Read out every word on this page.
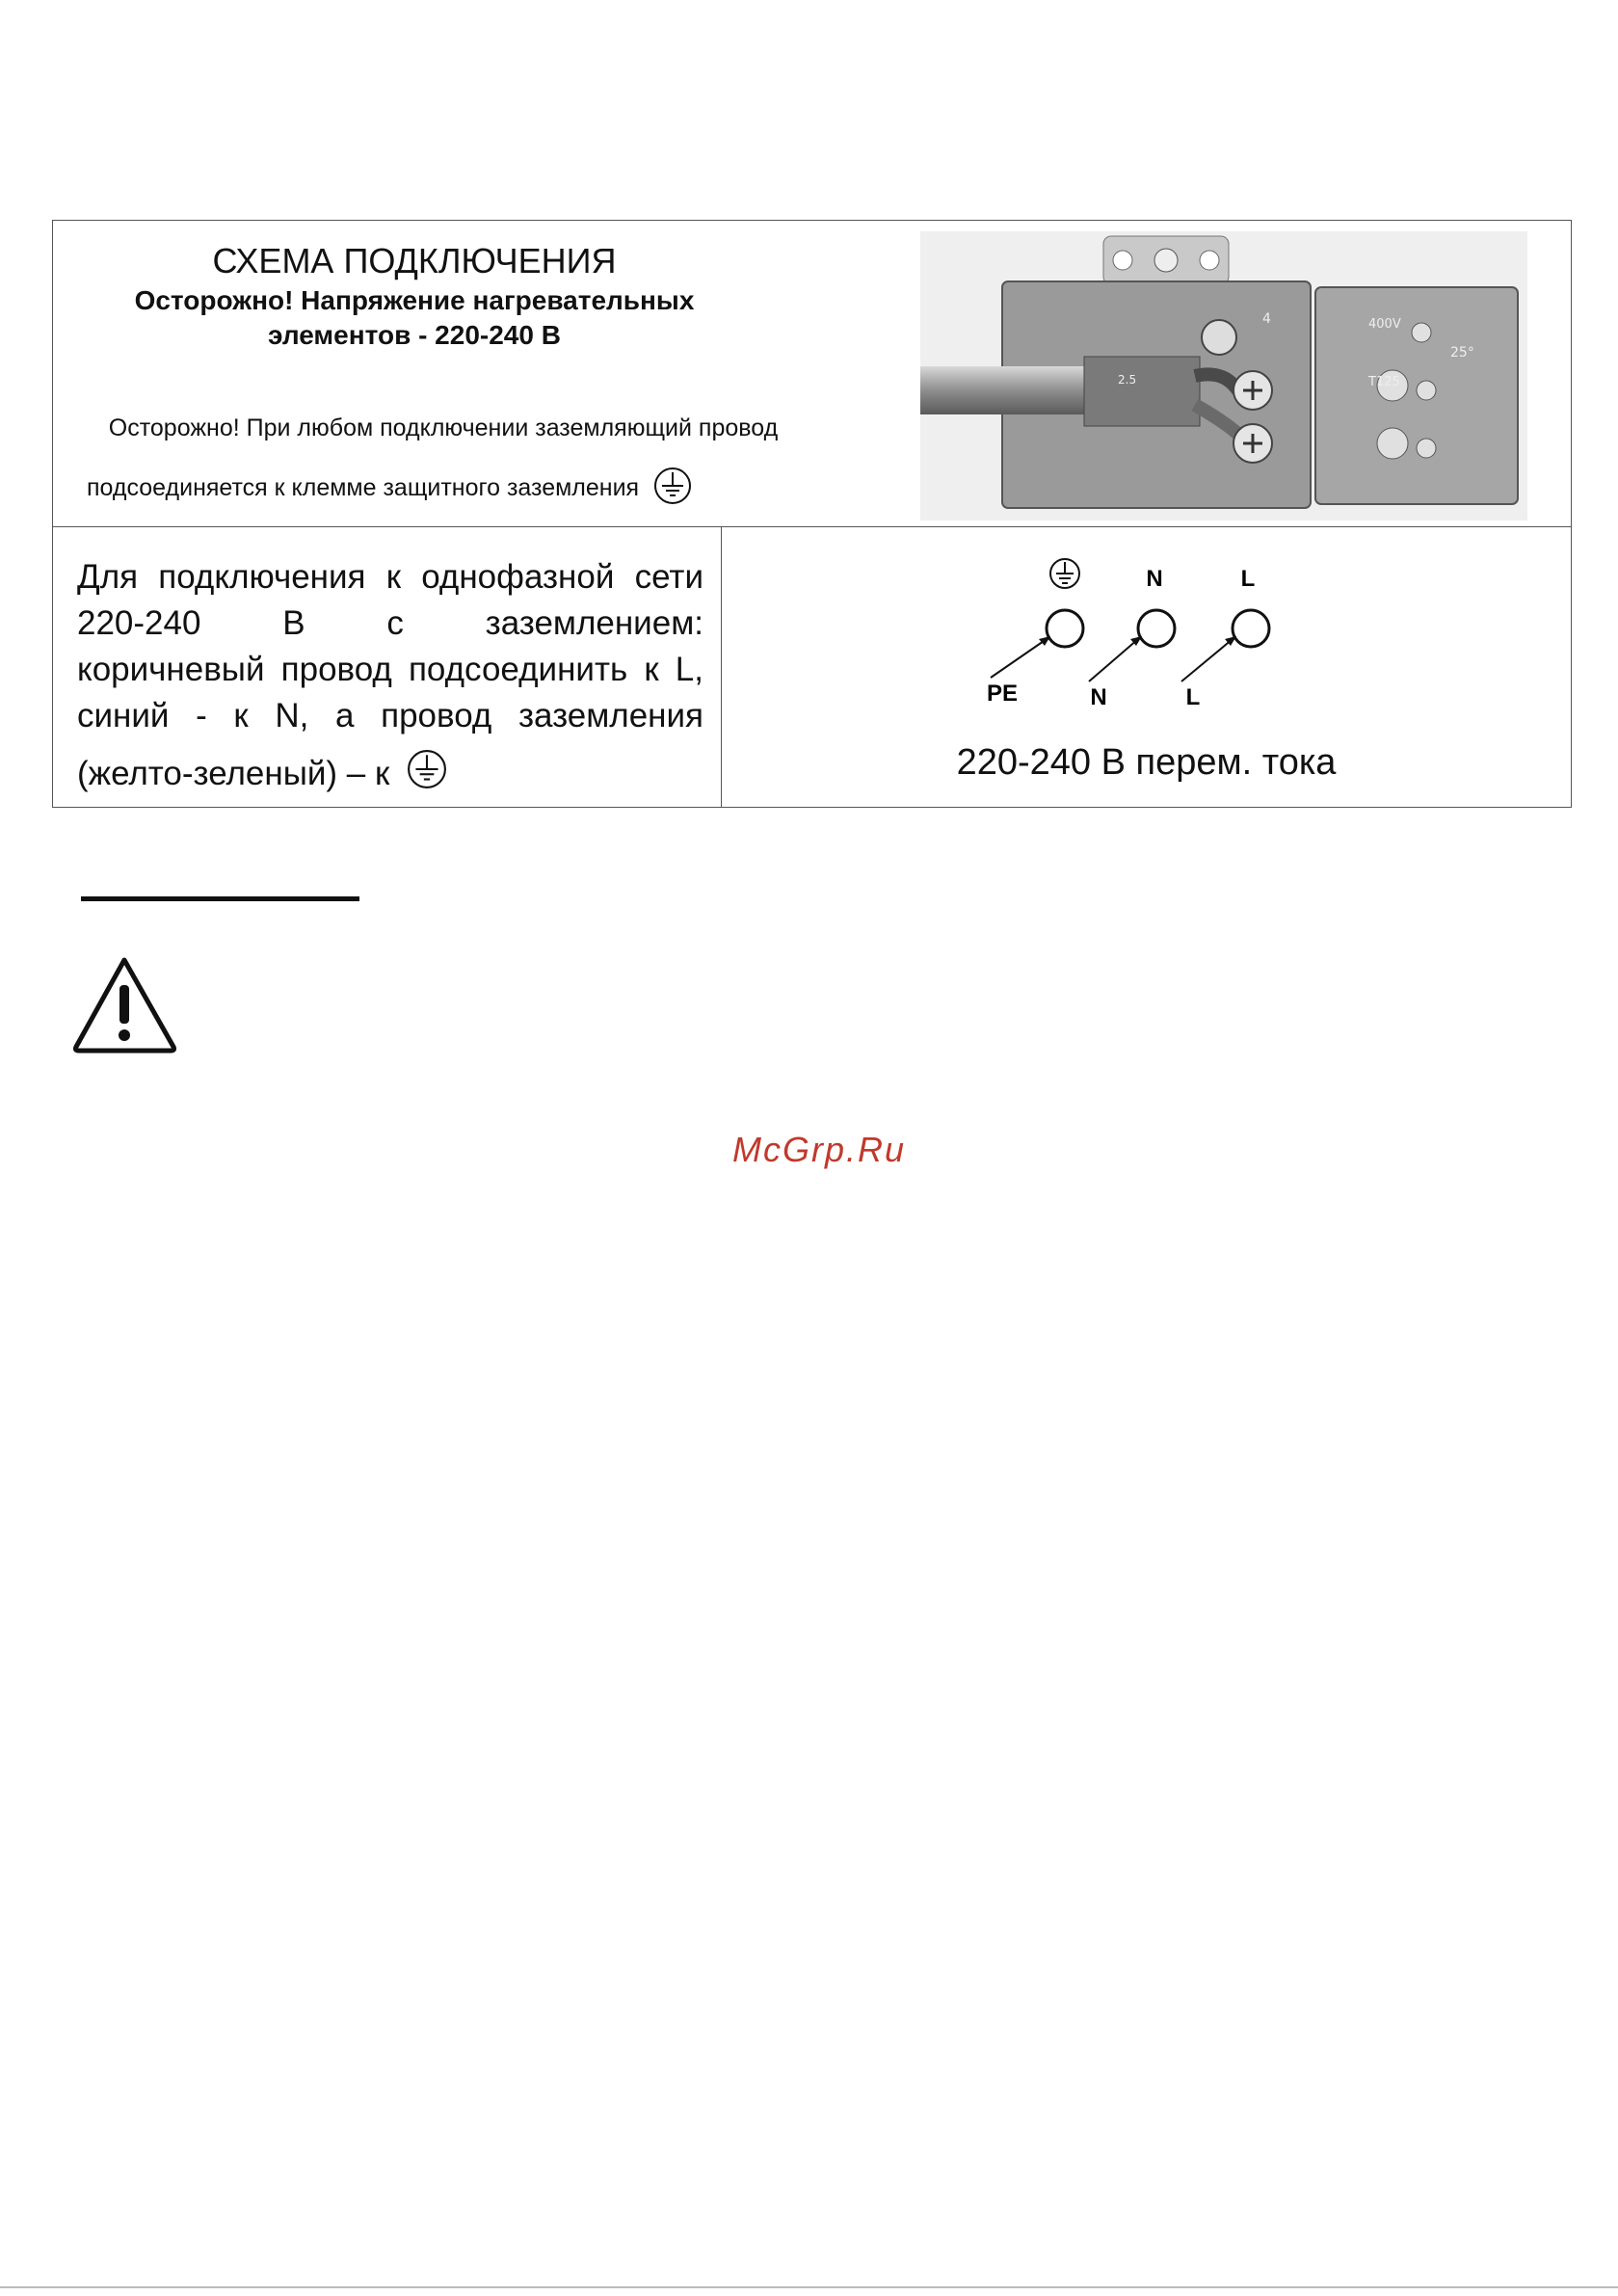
СХЕМА ПОДКЛЮЧЕНИЯ
Осторожно! Напряжение нагревательных
элементов - 220-240 В
Осторожно! При любом подключении заземляющий провод
подсоединяется к клемме защитного заземления
4	400V
T125
25°
2.5
Для подключения к однофазной сети
220-240 В с заземлением:
коричневый провод подсоединить к L,
синий - к N, а провод заземления
(желто-зеленый) – к
N	L
PE	N	L
220-240 В перем. тока
McGrp.Ru
